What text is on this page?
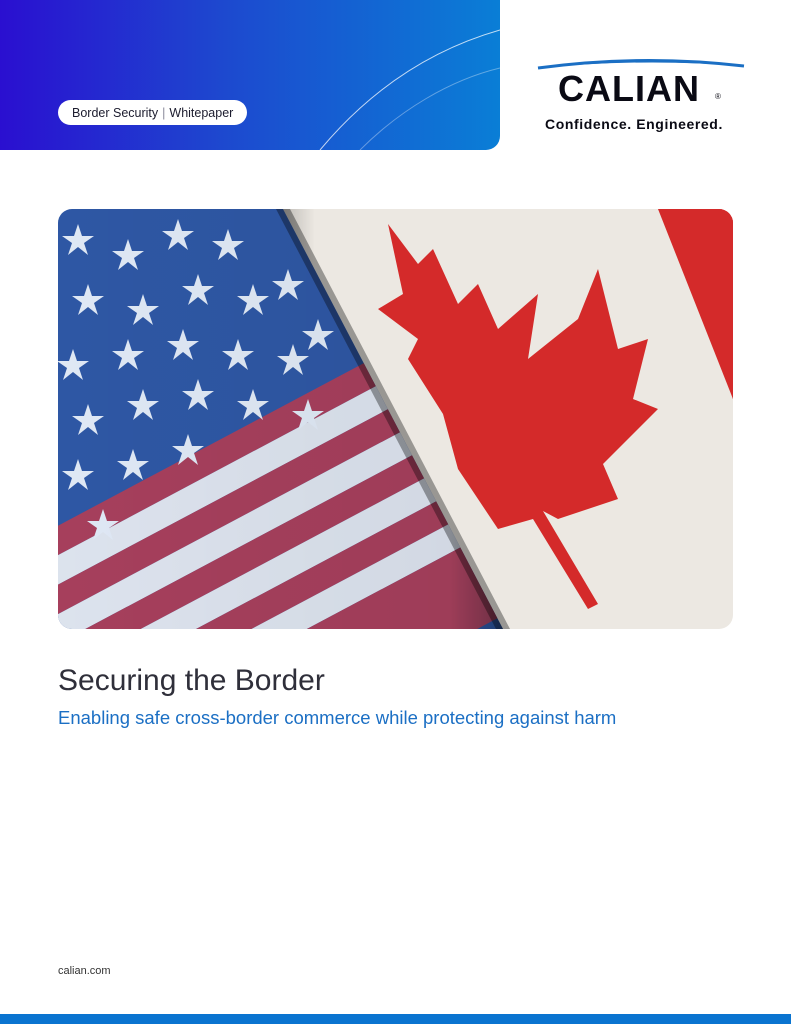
Border Security | Whitepaper
CALIAN ®
Confidence. Engineered.
Securing the Border
Enabling safe cross-border commerce while protecting against harm
calian.com
